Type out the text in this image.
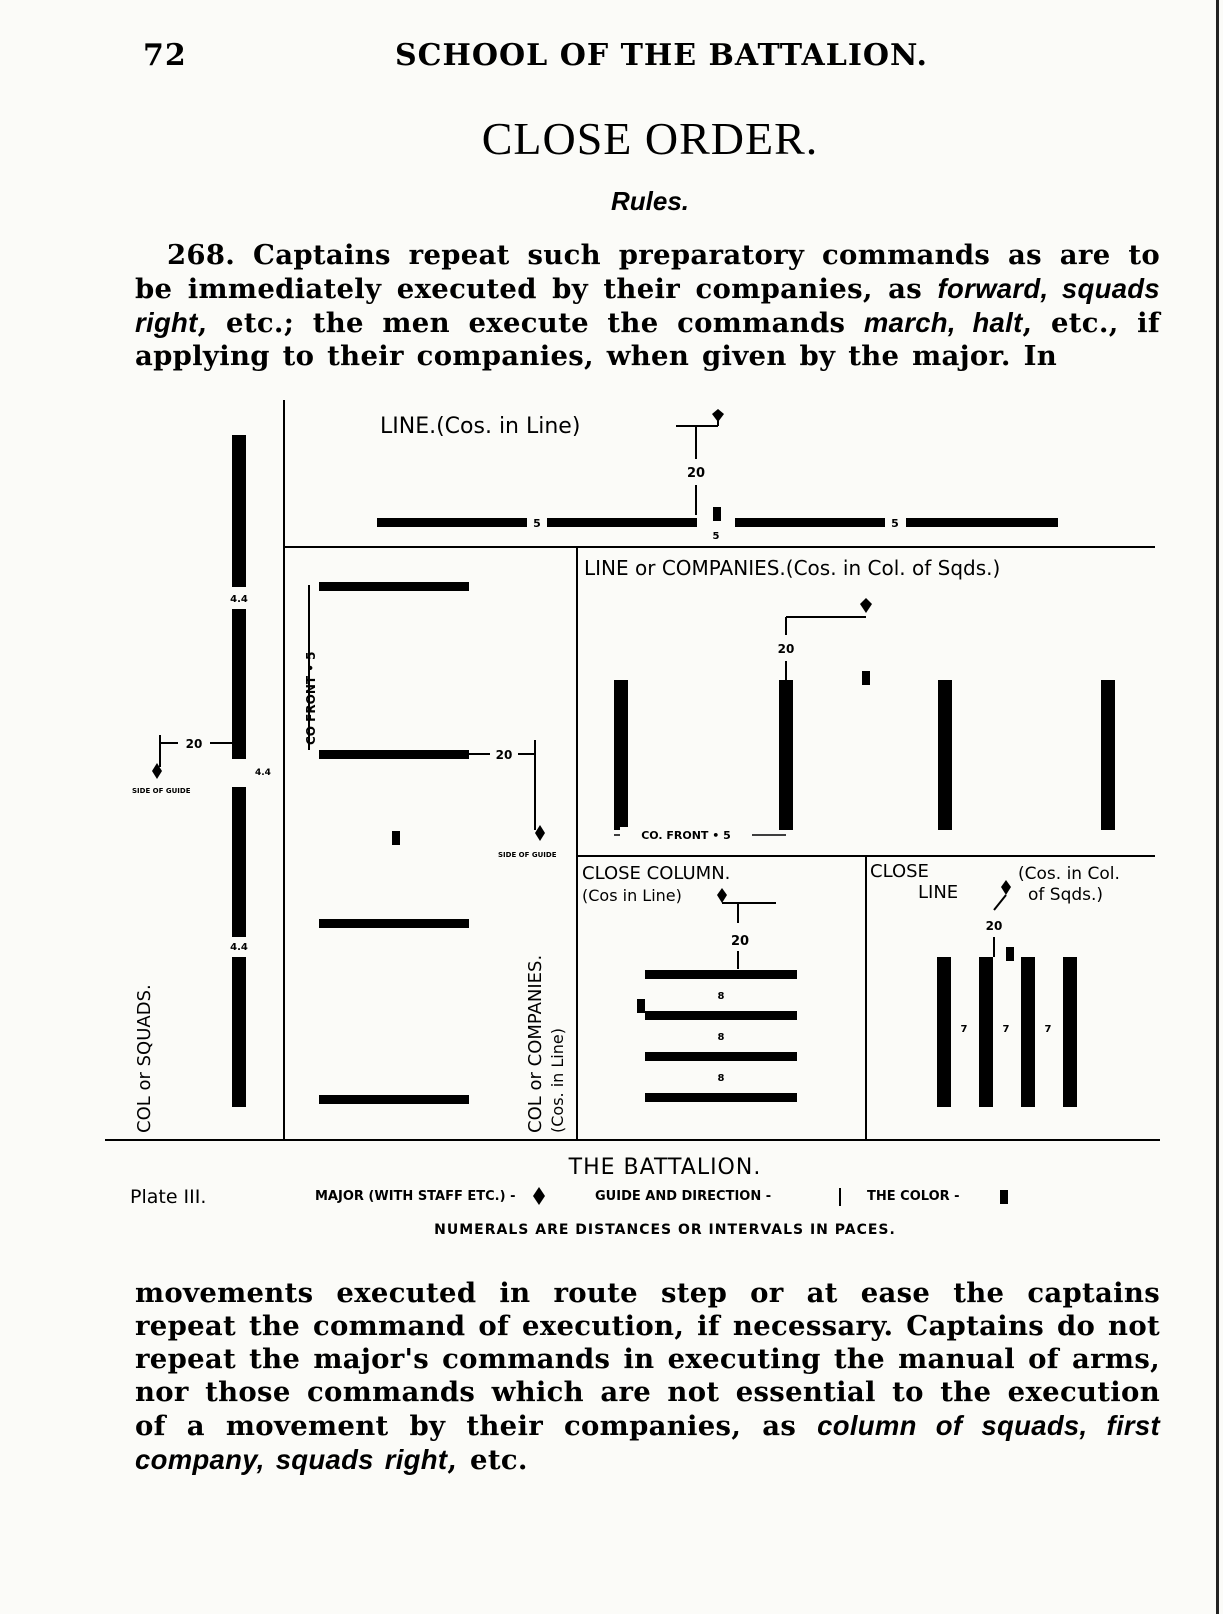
72	SCHOOL OF THE BATTALION.
CLOSE ORDER.
Rules.
268. Captains repeat such preparatory commands as are to be immediately executed by their companies, as forward, squads right, etc.; the men execute the commands march, halt, etc., if applying to their companies, when given by the major. In
5	5
5
20
LINE.(Cos. in Line)
4.4
4.4
4.4
20
SIDE OF GUIDE
COL or SQUADS.
CO FRONT • 5
20
SIDE OF GUIDE
COL or COMPANIES. (Cos. in Line)
LINE or COMPANIES.(Cos. in Col. of Sqds.)
20
CO. FRONT • 5
CLOSE COLUMN.
(Cos in Line)
20
8
8
8
CLOSE
LINE
(Cos. in Col.
of Sqds.)
20
7	7	7
THE BATTALION.
Plate III.	MAJOR (WITH STAFF ETC.) -	GUIDE AND DIRECTION -	THE COLOR -
NUMERALS ARE DISTANCES OR INTERVALS IN PACES.
movements executed in route step or at ease the captains repeat the command of execution, if necessary. Captains do not repeat the major's commands in executing the manual of arms, nor those commands which are not essential to the execution of a movement by their companies, as column of squads, first company, squads right, etc.
